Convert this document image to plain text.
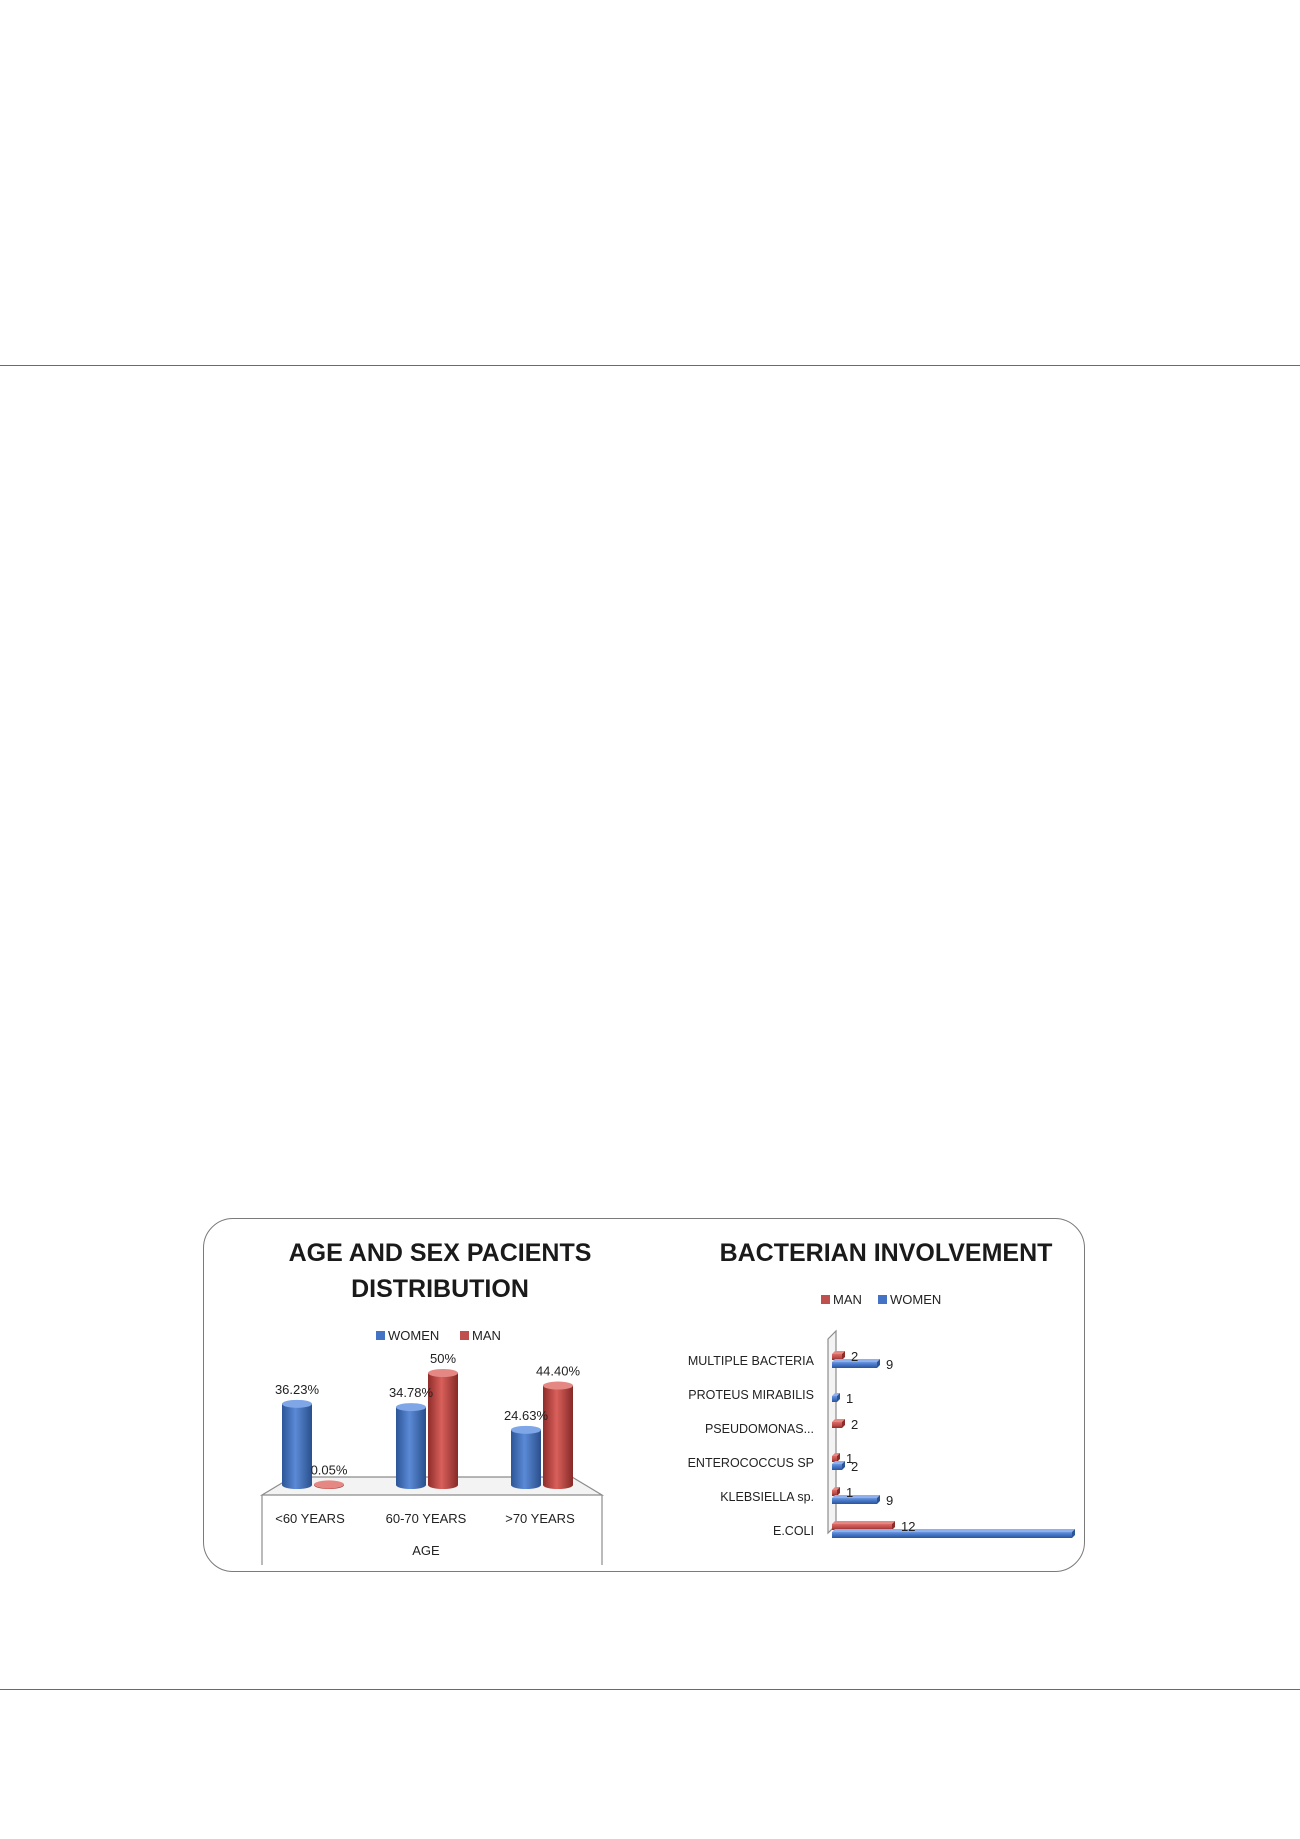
AGE AND SEX PACIENTS
DISTRIBUTION
WOMEN	MAN
36.23%	34.78%
24.63%
0.05%
50%
44.40%
<60 YEARS	60-70 YEARS	>70 YEARS
AGE
BACTERIAN INVOLVEMENT
MAN WOMEN
2
2
1
1
12
9
1
2
9
MULTIPLE BACTERIA
PROTEUS MIRABILIS
PSEUDOMONAS...
ENTEROCOCCUS SP
KLEBSIELLA sp.
E.COLI
